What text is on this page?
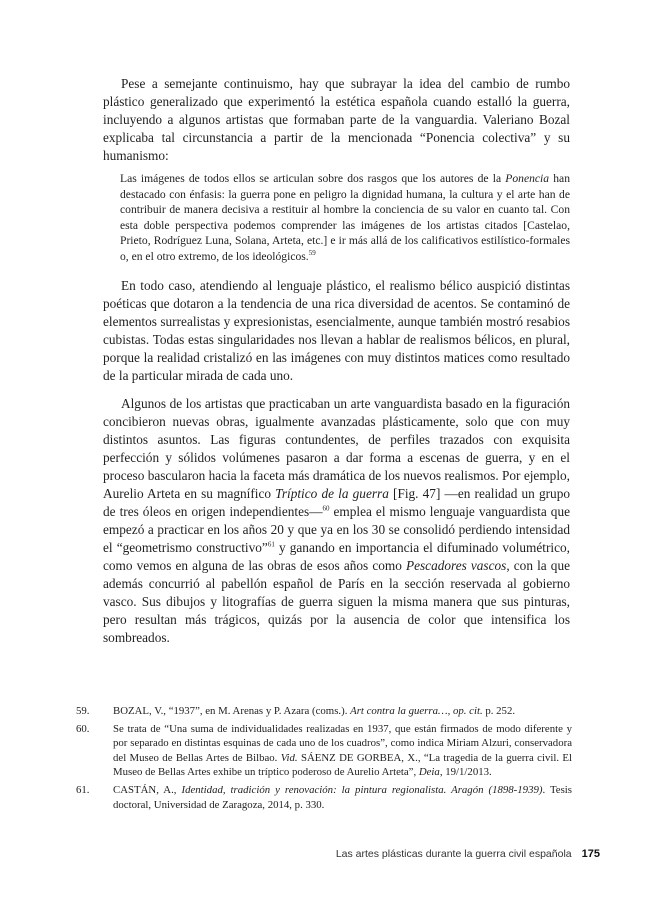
Pese a semejante continuismo, hay que subrayar la idea del cambio de rumbo plástico generalizado que experimentó la estética española cuando estalló la guerra, incluyendo a algunos artistas que formaban parte de la vanguardia. Valeriano Bozal explicaba tal circunstancia a partir de la mencionada “Ponencia colectiva” y su humanismo:

Las imágenes de todos ellos se articulan sobre dos rasgos que los autores de la Ponencia han destacado con énfasis: la guerra pone en peligro la dignidad humana, la cultura y el arte han de contribuir de manera decisiva a restituir al hombre la conciencia de su valor en cuanto tal. Con esta doble perspectiva podemos comprender las imágenes de los artistas citados [Castelao, Prieto, Rodríguez Luna, Solana, Arteta, etc.] e ir más allá de los calificativos estilístico-formales o, en el otro extremo, de los ideológicos.$^{59}$

En todo caso, atendiendo al lenguaje plástico, el realismo bélico auspició distintas poéticas que dotaron a la tendencia de una rica diversidad de acentos. Se contaminó de elementos surrealistas y expresionistas, esencialmente, aunque también mostró resabios cubistas. Todas estas singularidades nos llevan a hablar de realismos bélicos, en plural, porque la realidad cristalizó en las imágenes con muy distintos matices como resultado de la particular mirada de cada uno.

Algunos de los artistas que practicaban un arte vanguardista basado en la figuración concibieron nuevas obras, igualmente avanzadas plásticamente, solo que con muy distintos asuntos. Las figuras contundentes, de perfiles trazados con exquisita perfección y sólidos volúmenes pasaron a dar forma a escenas de guerra, y en el proceso bascularon hacia la faceta más dramática de los nuevos realismos. Por ejemplo, Aurelio Arteta en su magnífico Tríptico de la guerra [Fig. 47] —en realidad un grupo de tres óleos en origen independientes—$^{60}$ emplea el mismo lenguaje vanguardista que empezó a practicar en los años 20 y que ya en los 30 se consolidó perdiendo intensidad el “geometrismo constructivo”$^{61}$ y ganando en importancia el difuminado volumétrico, como vemos en alguna de las obras de esos años como Pescadores vascos, con la que además concurrió al pabellón español de París en la sección reservada al gobierno vasco. Sus dibujos y litografías de guerra siguen la misma manera que sus pinturas, pero resultan más trágicos, quizás por la ausencia de color que intensifica los sombreados.

59.	BOZAL, V., “1937”, en M. Arenas y P. Azara (coms.). Art contra la guerra…, op. cit. p. 252.
60.	Se trata de “Una suma de individualidades realizadas en 1937, que están firmados de modo diferente y por separado en distintas esquinas de cada uno de los cuadros”, como indica Miriam Alzuri, conservadora del Museo de Bellas Artes de Bilbao. Vid. SÁENZ DE GORBEA, X., “La tragedia de la guerra civil. El Museo de Bellas Artes exhibe un tríptico poderoso de Aurelio Arteta”, Deia, 19/1/2013.
61.	CASTÁN, A., Identidad, tradición y renovación: la pintura regionalista. Aragón (1898-1939). Tesis doctoral, Universidad de Zaragoza, 2014, p. 330.
Las artes plásticas durante la guerra civil española 175
